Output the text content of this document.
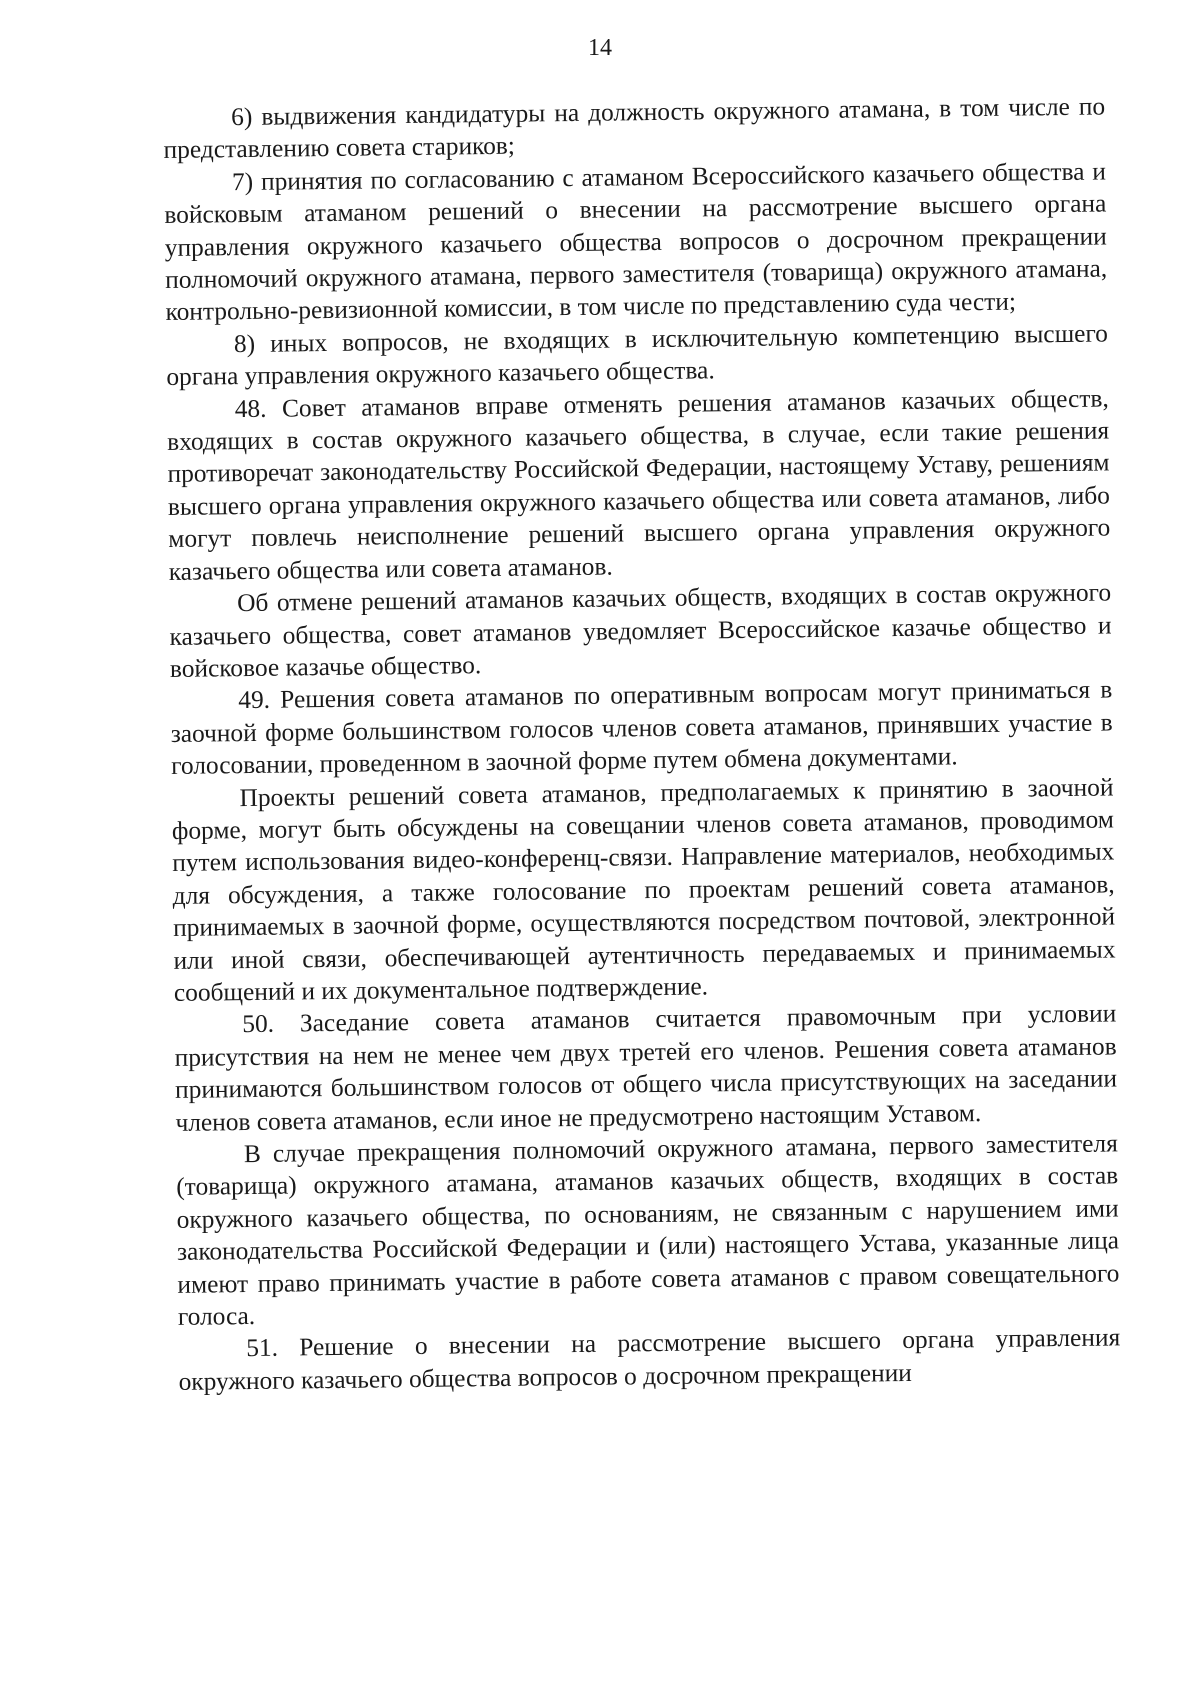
14

6) выдвижения кандидатуры на должность окружного атамана, в том числе по представлению совета стариков;

7) принятия по согласованию с атаманом Всероссийского казачьего общества и войсковым атаманом решений о внесении на рассмотрение высшего органа управления окружного казачьего общества вопросов о досрочном прекращении полномочий окружного атамана, первого заместителя (товарища) окружного атамана, контрольно-ревизионной комиссии, в том числе по представлению суда чести;

8) иных вопросов, не входящих в исключительную компетенцию высшего органа управления окружного казачьего общества.

48. Совет атаманов вправе отменять решения атаманов казачьих обществ, входящих в состав окружного казачьего общества, в случае, если такие решения противоречат законодательству Российской Федерации, настоящему Уставу, решениям высшего органа управления окружного казачьего общества или совета атаманов, либо могут повлечь неисполнение решений высшего органа управления окружного казачьего общества или совета атаманов.

Об отмене решений атаманов казачьих обществ, входящих в состав окружного казачьего общества, совет атаманов уведомляет Всероссийское казачье общество и войсковое казачье общество.

49. Решения совета атаманов по оперативным вопросам могут приниматься в заочной форме большинством голосов членов совета атаманов, принявших участие в голосовании, проведенном в заочной форме путем обмена документами.

Проекты решений совета атаманов, предполагаемых к принятию в заочной форме, могут быть обсуждены на совещании членов совета атаманов, проводимом путем использования видео-конференц-связи. Направление материалов, необходимых для обсуждения, а также голосование по проектам решений совета атаманов, принимаемых в заочной форме, осуществляются посредством почтовой, электронной или иной связи, обеспечивающей аутентичность передаваемых и принимаемых сообщений и их документальное подтверждение.

50. Заседание совета атаманов считается правомочным при условии присутствия на нем не менее чем двух третей его членов. Решения совета атаманов принимаются большинством голосов от общего числа присутствующих на заседании членов совета атаманов, если иное не предусмотрено настоящим Уставом.

В случае прекращения полномочий окружного атамана, первого заместителя (товарища) окружного атамана, атаманов казачьих обществ, входящих в состав окружного казачьего общества, по основаниям, не связанным с нарушением ими законодательства Российской Федерации и (или) настоящего Устава, указанные лица имеют право принимать участие в работе совета атаманов с правом совещательного голоса.

51. Решение о внесении на рассмотрение высшего органа управления окружного казачьего общества вопросов о досрочном прекращении
